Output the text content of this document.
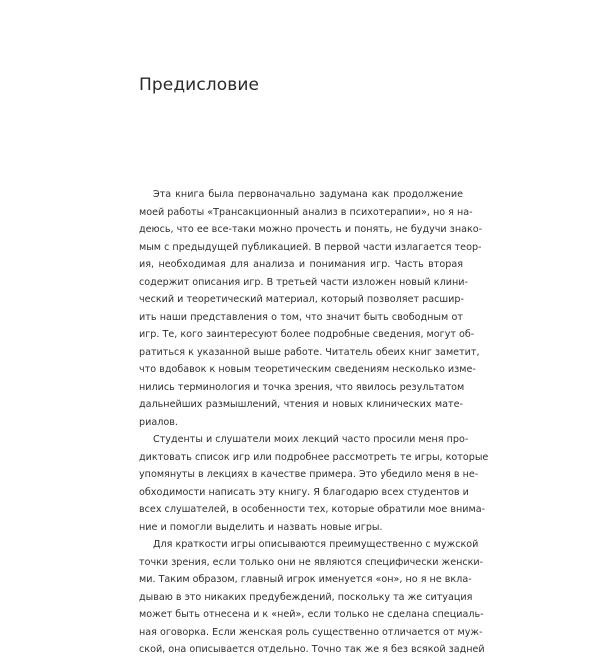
Предисловие

Эта книга была первоначально задумана как продолжение
моей работы «Трансакционный анализ в психотерапии», но я на-
деюсь, что ее все-таки можно прочесть и понять, не будучи знако-
мым с предыдущей публикацией. В первой части излагается теор-
ия, необходимая для анализа и понимания игр. Часть вторая
содержит описания игр. В третьей части изложен новый клини-
ческий и теоретический материал, который позволяет расшир-
ить наши представления о том, что значит быть свободным от
игр. Те, кого заинтересуют более подробные сведения, могут об-
ратиться к указанной выше работе. Читатель обеих книг заметит,
что вдобавок к новым теоретическим сведениям несколько изме-
нились терминология и точка зрения, что явилось результатом
дальнейших размышлений, чтения и новых клинических мате-
риалов.

Студенты и слушатели моих лекций часто просили меня про-
диктовать список игр или подробнее рассмотреть те игры, которые
упомянуты в лекциях в качестве примера. Это убедило меня в не-
обходимости написать эту книгу. Я благодарю всех студентов и
всех слушателей, в особенности тех, которые обратили мое внима-
ние и помогли выделить и назвать новые игры.

Для краткости игры описываются преимущественно с мужской
точки зрения, если только они не являются специфически женски-
ми. Таким образом, главный игрок именуется «он», но я не вкла-
дываю в это никаких предубеждений, поскольку та же ситуация
может быть отнесена и к «ней», если только не сделана специаль-
ная оговорка. Если женская роль существенно отличается от муж-
ской, она описывается отдельно. Точно так же я без всякой задней
